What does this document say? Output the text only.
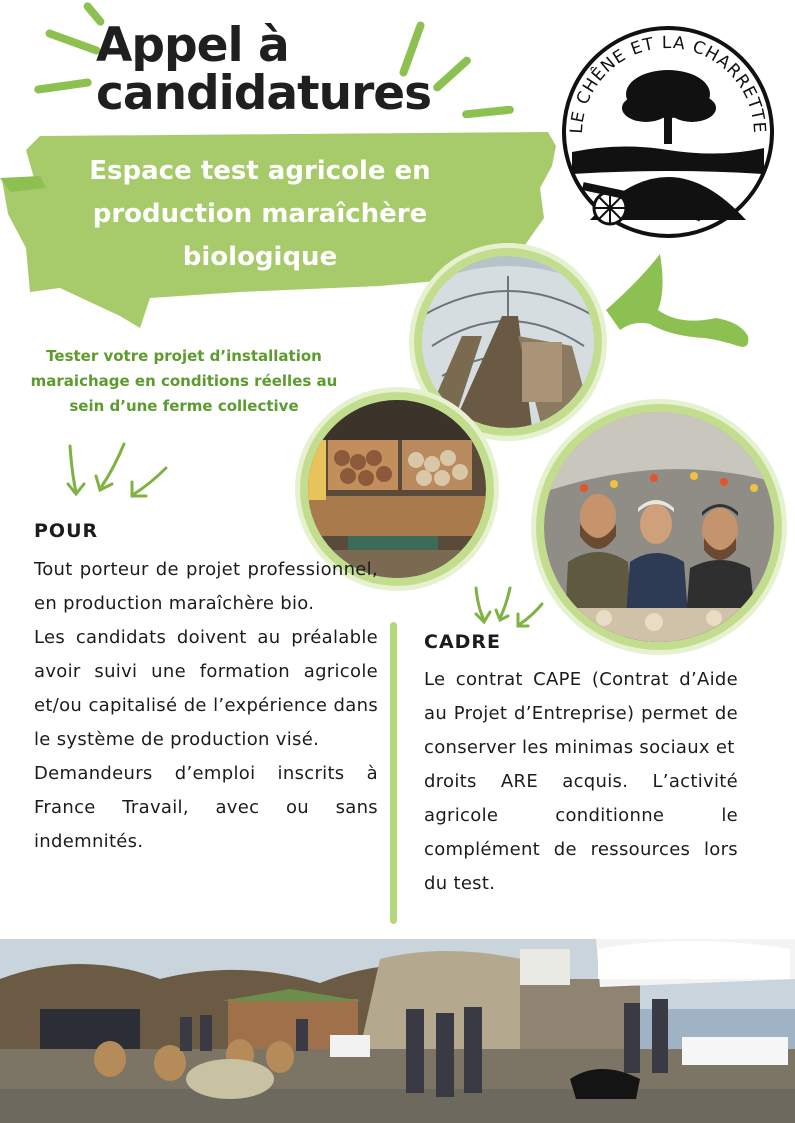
Appel à
candidatures
LE CHÊNE ET LA CHARRETTE

Espace test agricole en

production maraîchère

biologique

Tester votre projet d’installation

maraichage en conditions réelles au

sein d’une ferme collective

POUR

Tout porteur de projet professionnel, en production maraîchère bio.

Les candidats doivent au préalable avoir suivi une formation agricole et/ou capitalisé de l’expérience dans le système de production visé.

Demandeurs d’emploi inscrits à France Travail, avec ou sans indemnités.

CADRE

Le contrat CAPE (Contrat d’Aide au Projet d’Entreprise) permet de conserver les minimas sociaux et

droits ARE acquis. L’activité agricole conditionne le complément de ressources lors du test.
